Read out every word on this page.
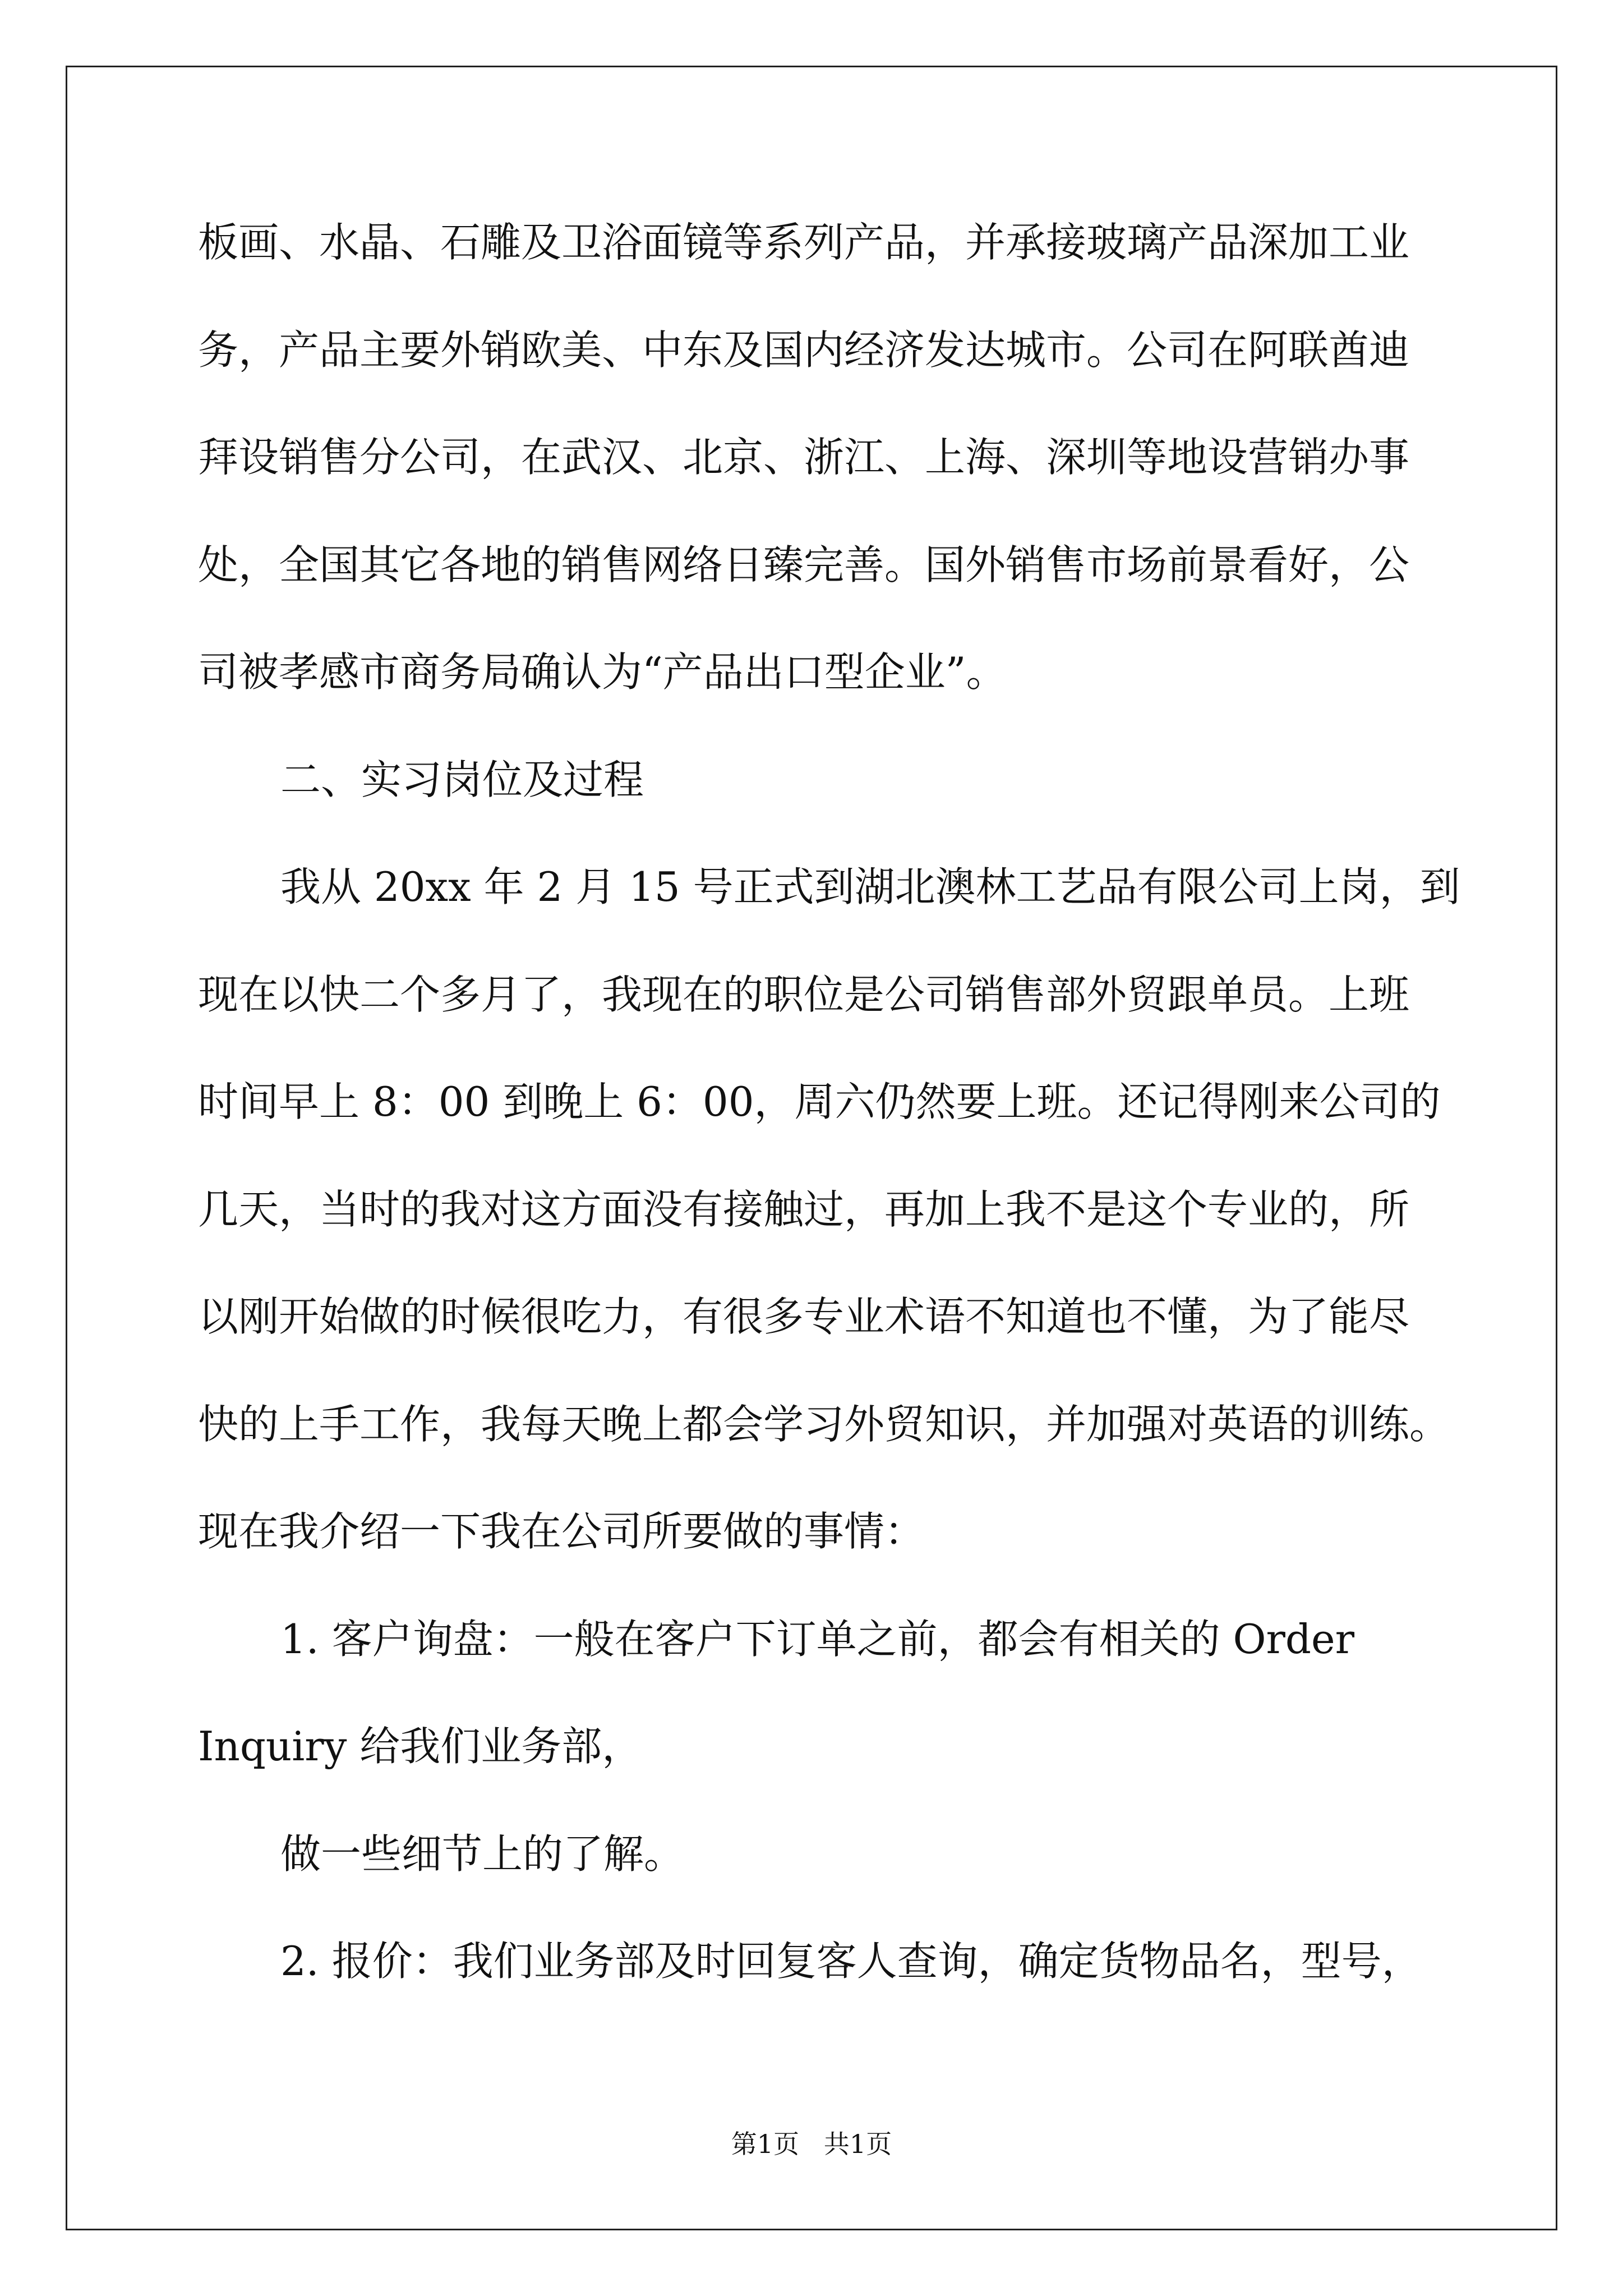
板画、水晶、石雕及卫浴面镜等系列产品，并承接玻璃产品深加工业

务，产品主要外销欧美、中东及国内经济发达城市。公司在阿联酋迪

拜设销售分公司，在武汉、北京、浙江、上海、深圳等地设营销办事

处，全国其它各地的销售网络日臻完善。国外销售市场前景看好，公

司被孝感市商务局确认为“产品出口型企业”。

二、实习岗位及过程

我从 20xx 年 2 月 15 号正式到湖北澳林工艺品有限公司上岗，到

现在以快二个多月了，我现在的职位是公司销售部外贸跟单员。上班

时间早上 8：00 到晚上 6：00，周六仍然要上班。还记得刚来公司的

几天，当时的我对这方面没有接触过，再加上我不是这个专业的，所

以刚开始做的时候很吃力，有很多专业术语不知道也不懂，为了能尽

快的上手工作，我每天晚上都会学习外贸知识，并加强对英语的训练。

现在我介绍一下我在公司所要做的事情：

1. 客户询盘：一般在客户下订单之前，都会有相关的 Order

Inquiry 给我们业务部，

做一些细节上的了解。

2. 报价：我们业务部及时回复客人查询，确定货物品名，型号，

第1页   共1页
